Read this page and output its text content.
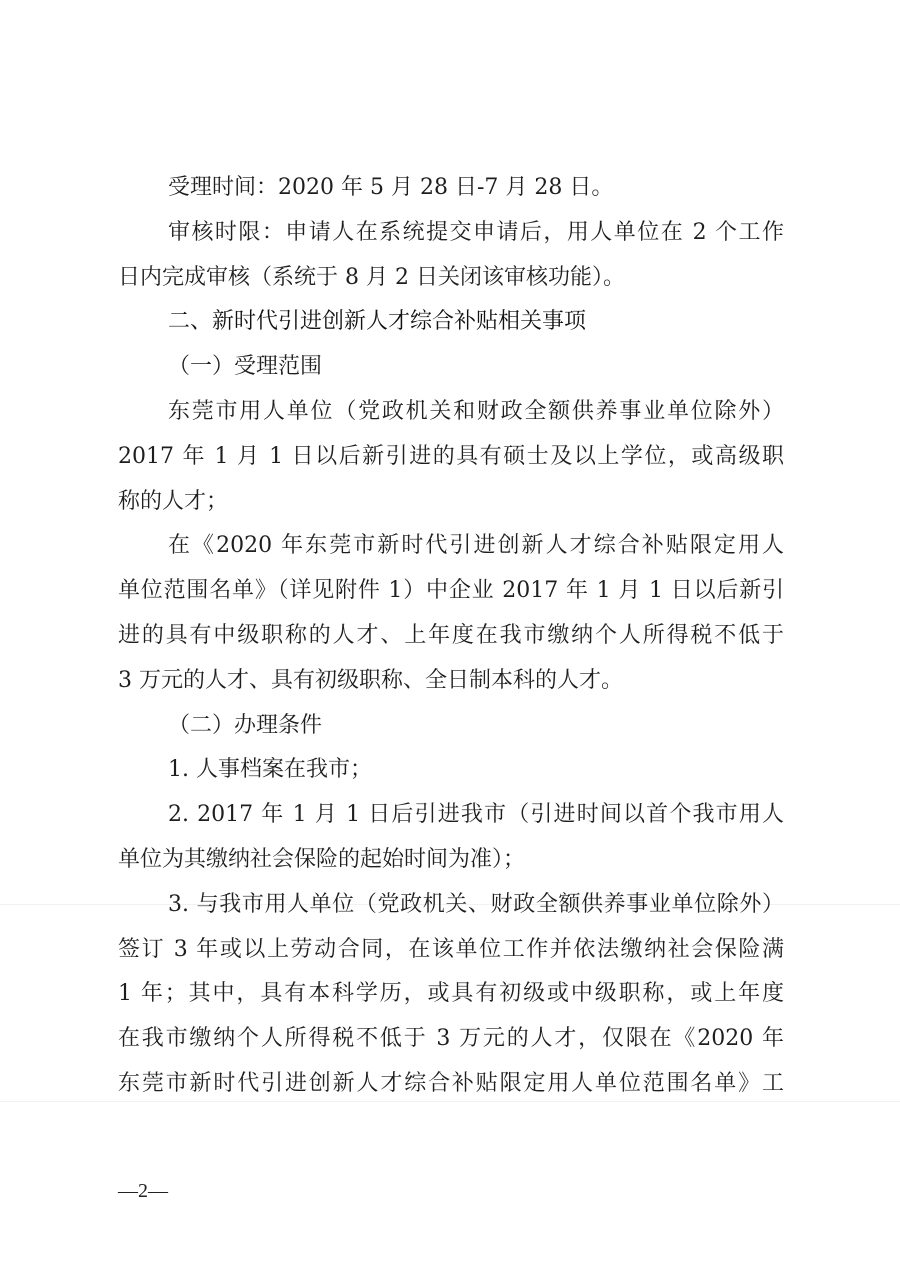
受理时间：2020 年 5 月 28 日-7 月 28 日。
审核时限：申请人在系统提交申请后，用人单位在 2 个工作
日内完成审核（系统于 8 月 2 日关闭该审核功能）。
二、新时代引进创新人才综合补贴相关事项
（一）受理范围
东莞市用人单位（党政机关和财政全额供养事业单位除外）
2017 年 1 月 1 日以后新引进的具有硕士及以上学位，或高级职
称的人才；
在《2020 年东莞市新时代引进创新人才综合补贴限定用人
单位范围名单》（详见附件 1）中企业 2017 年 1 月 1 日以后新引
进的具有中级职称的人才、上年度在我市缴纳个人所得税不低于
3 万元的人才、具有初级职称、全日制本科的人才。
（二）办理条件
1. 人事档案在我市；
2. 2017 年 1 月 1 日后引进我市（引进时间以首个我市用人
单位为其缴纳社会保险的起始时间为准）；
3. 与我市用人单位（党政机关、财政全额供养事业单位除外）
签订 3 年或以上劳动合同，在该单位工作并依法缴纳社会保险满
1 年；其中，具有本科学历，或具有初级或中级职称，或上年度
在我市缴纳个人所得税不低于 3 万元的人才，仅限在《2020 年
东莞市新时代引进创新人才综合补贴限定用人单位范围名单》工
—2—
